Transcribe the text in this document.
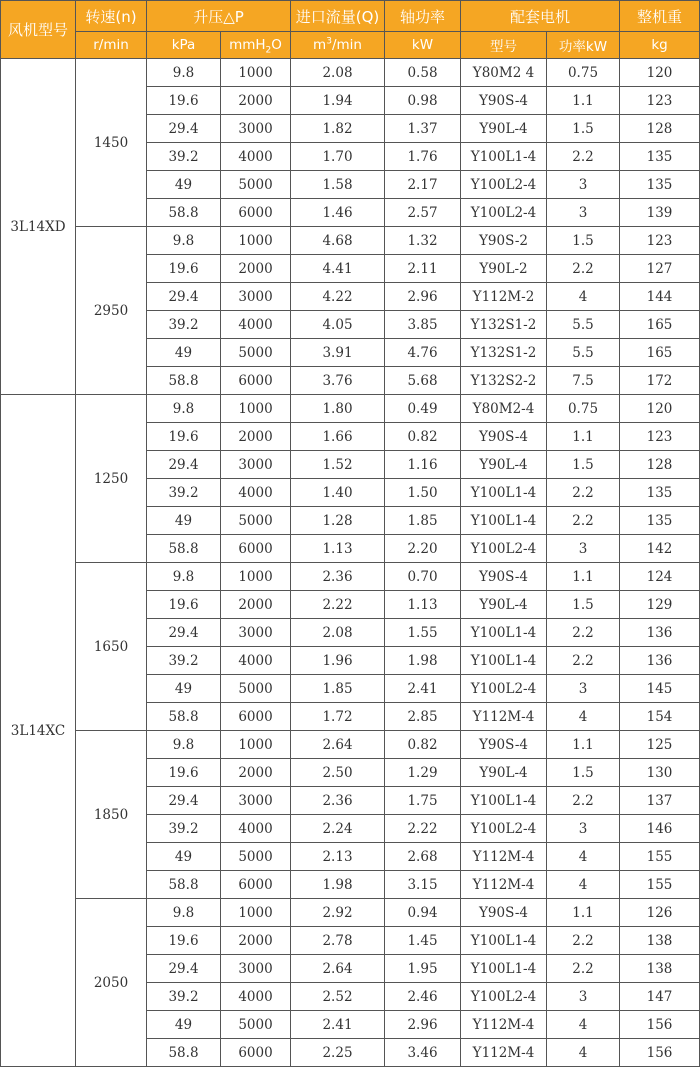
风机型号	转速(n)	升压△P		进口流量(Q)	轴功率	配套电机		整机重
	r/min	kPa	mmH$_2$O	$m^3/\min$	kW	型号	功率kW	kg
3L14XD	1450	9.8	1000	2.08	0.58	Y80M2 4	0.75	120
		19.6	2000	1.94	0.98	Y90S-4	1.1	123
		29.4	3000	1.82	1.37	Y90L-4	1.5	128
		39.2	4000	1.70	1.76	Y100L1-4	2.2	135
		49	5000	1.58	2.17	Y100L2-4	3	135
		58.8	6000	1.46	2.57	Y100L2-4	3	139
	2950	9.8	1000	4.68	1.32	Y90S-2	1.5	123
		19.6	2000	4.41	2.11	Y90L-2	2.2	127
		29.4	3000	4.22	2.96	Y112M-2	4	144
		39.2	4000	4.05	3.85	Y132S1-2	5.5	165
		49	5000	3.91	4.76	Y132S1-2	5.5	165
		58.8	6000	3.76	5.68	Y132S2-2	7.5	172
3L14XC	1250	9.8	1000	1.80	0.49	Y80M2-4	0.75	120
		19.6	2000	1.66	0.82	Y90S-4	1.1	123
		29.4	3000	1.52	1.16	Y90L-4	1.5	128
		39.2	4000	1.40	1.50	Y100L1-4	2.2	135
		49	5000	1.28	1.85	Y100L1-4	2.2	135
		58.8	6000	1.13	2.20	Y100L2-4	3	142
	1650	9.8	1000	2.36	0.70	Y90S-4	1.1	124
		19.6	2000	2.22	1.13	Y90L-4	1.5	129
		29.4	3000	2.08	1.55	Y100L1-4	2.2	136
		39.2	4000	1.96	1.98	Y100L1-4	2.2	136
		49	5000	1.85	2.41	Y100L2-4	3	145
		58.8	6000	1.72	2.85	Y112M-4	4	154
	1850	9.8	1000	2.64	0.82	Y90S-4	1.1	125
		19.6	2000	2.50	1.29	Y90L-4	1.5	130
		29.4	3000	2.36	1.75	Y100L1-4	2.2	137
		39.2	4000	2.24	2.22	Y100L2-4	3	146
		49	5000	2.13	2.68	Y112M-4	4	155
		58.8	6000	1.98	3.15	Y112M-4	4	155
	2050	9.8	1000	2.92	0.94	Y90S-4	1.1	126
		19.6	2000	2.78	1.45	Y100L1-4	2.2	138
		29.4	3000	2.64	1.95	Y100L1-4	2.2	138
		39.2	4000	2.52	2.46	Y100L2-4	3	147
		49	5000	2.41	2.96	Y112M-4	4	156
		58.8	6000	2.25	3.46	Y112M-4	4	156
